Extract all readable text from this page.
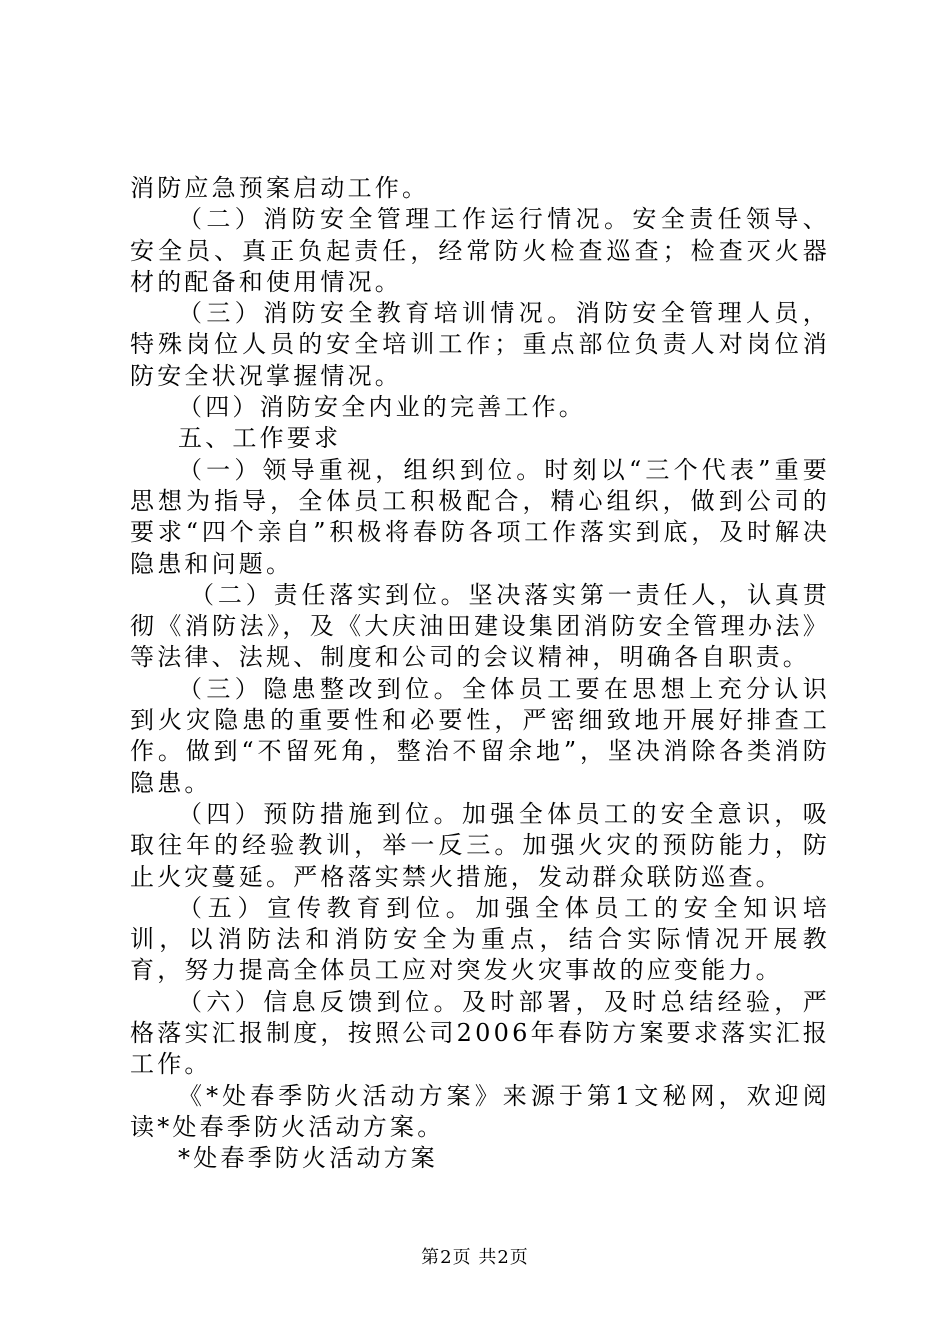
消防应急预案启动工作。

（二）消防安全管理工作运行情况。安全责任领导、安全员、真正负起责任，经常防火检查巡查；检查灭火器材的配备和使用情况。

（三）消防安全教育培训情况。消防安全管理人员，特殊岗位人员的安全培训工作；重点部位负责人对岗位消防安全状况掌握情况。

（四）消防安全内业的完善工作。

五、工作要求

（一）领导重视，组织到位。时刻以“三个代表”重要思想为指导，全体员工积极配合，精心组织，做到公司的要求“四个亲自”积极将春防各项工作落实到底，及时解决隐患和问题。

（二）责任落实到位。坚决落实第一责任人，认真贯彻《消防法》，及《大庆油田建设集团消防安全管理办法》等法律、法规、制度和公司的会议精神，明确各自职责。

（三）隐患整改到位。全体员工要在思想上充分认识到火灾隐患的重要性和必要性，严密细致地开展好排查工作。做到“不留死角，整治不留余地”，坚决消除各类消防隐患。

（四）预防措施到位。加强全体员工的安全意识，吸取往年的经验教训，举一反三。加强火灾的预防能力，防止火灾蔓延。严格落实禁火措施，发动群众联防巡查。

（五）宣传教育到位。加强全体员工的安全知识培训，以消防法和消防安全为重点，结合实际情况开展教育，努力提高全体员工应对突发火灾事故的应变能力。

（六）信息反馈到位。及时部署，及时总结经验，严格落实汇报制度，按照公司2006年春防方案要求落实汇报工作。

《*处春季防火活动方案》来源于第1文秘网，欢迎阅读*处春季防火活动方案。

*处春季防火活动方案

第2页 共2页
